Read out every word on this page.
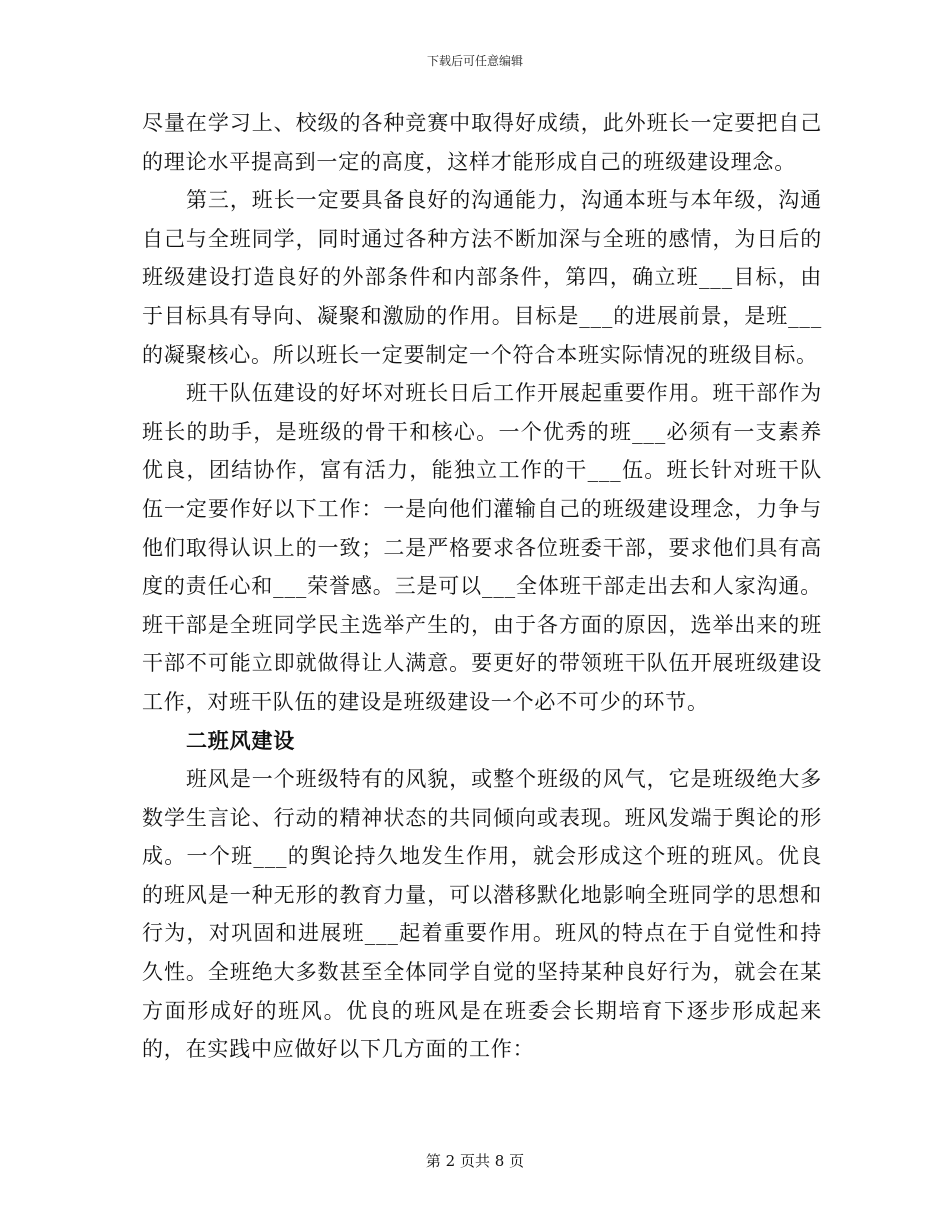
下载后可任意编辑

尽量在学习上、校级的各种竞赛中取得好成绩，此外班长一定要把自己的理论水平提高到一定的高度，这样才能形成自己的班级建设理念。

第三，班长一定要具备良好的沟通能力，沟通本班与本年级，沟通自己与全班同学，同时通过各种方法不断加深与全班的感情，为日后的班级建设打造良好的外部条件和内部条件，第四，确立班___目标，由于目标具有导向、凝聚和激励的作用。目标是___的进展前景，是班___的凝聚核心。所以班长一定要制定一个符合本班实际情况的班级目标。

班干队伍建设的好坏对班长日后工作开展起重要作用。班干部作为班长的助手，是班级的骨干和核心。一个优秀的班___必须有一支素养优良，团结协作，富有活力，能独立工作的干___伍。班长针对班干队伍一定要作好以下工作：一是向他们灌输自己的班级建设理念，力争与他们取得认识上的一致；二是严格要求各位班委干部，要求他们具有高度的责任心和___荣誉感。三是可以___全体班干部走出去和人家沟通。班干部是全班同学民主选举产生的，由于各方面的原因，选举出来的班干部不可能立即就做得让人满意。要更好的带领班干队伍开展班级建设工作，对班干队伍的建设是班级建设一个必不可少的环节。

二班风建设

班风是一个班级特有的风貌，或整个班级的风气，它是班级绝大多数学生言论、行动的精神状态的共同倾向或表现。班风发端于舆论的形成。一个班___的舆论持久地发生作用，就会形成这个班的班风。优良的班风是一种无形的教育力量，可以潜移默化地影响全班同学的思想和行为，对巩固和进展班___起着重要作用。班风的特点在于自觉性和持久性。全班绝大多数甚至全体同学自觉的坚持某种良好行为，就会在某方面形成好的班风。优良的班风是在班委会长期培育下逐步形成起来的，在实践中应做好以下几方面的工作：

第 2 页共 8 页
